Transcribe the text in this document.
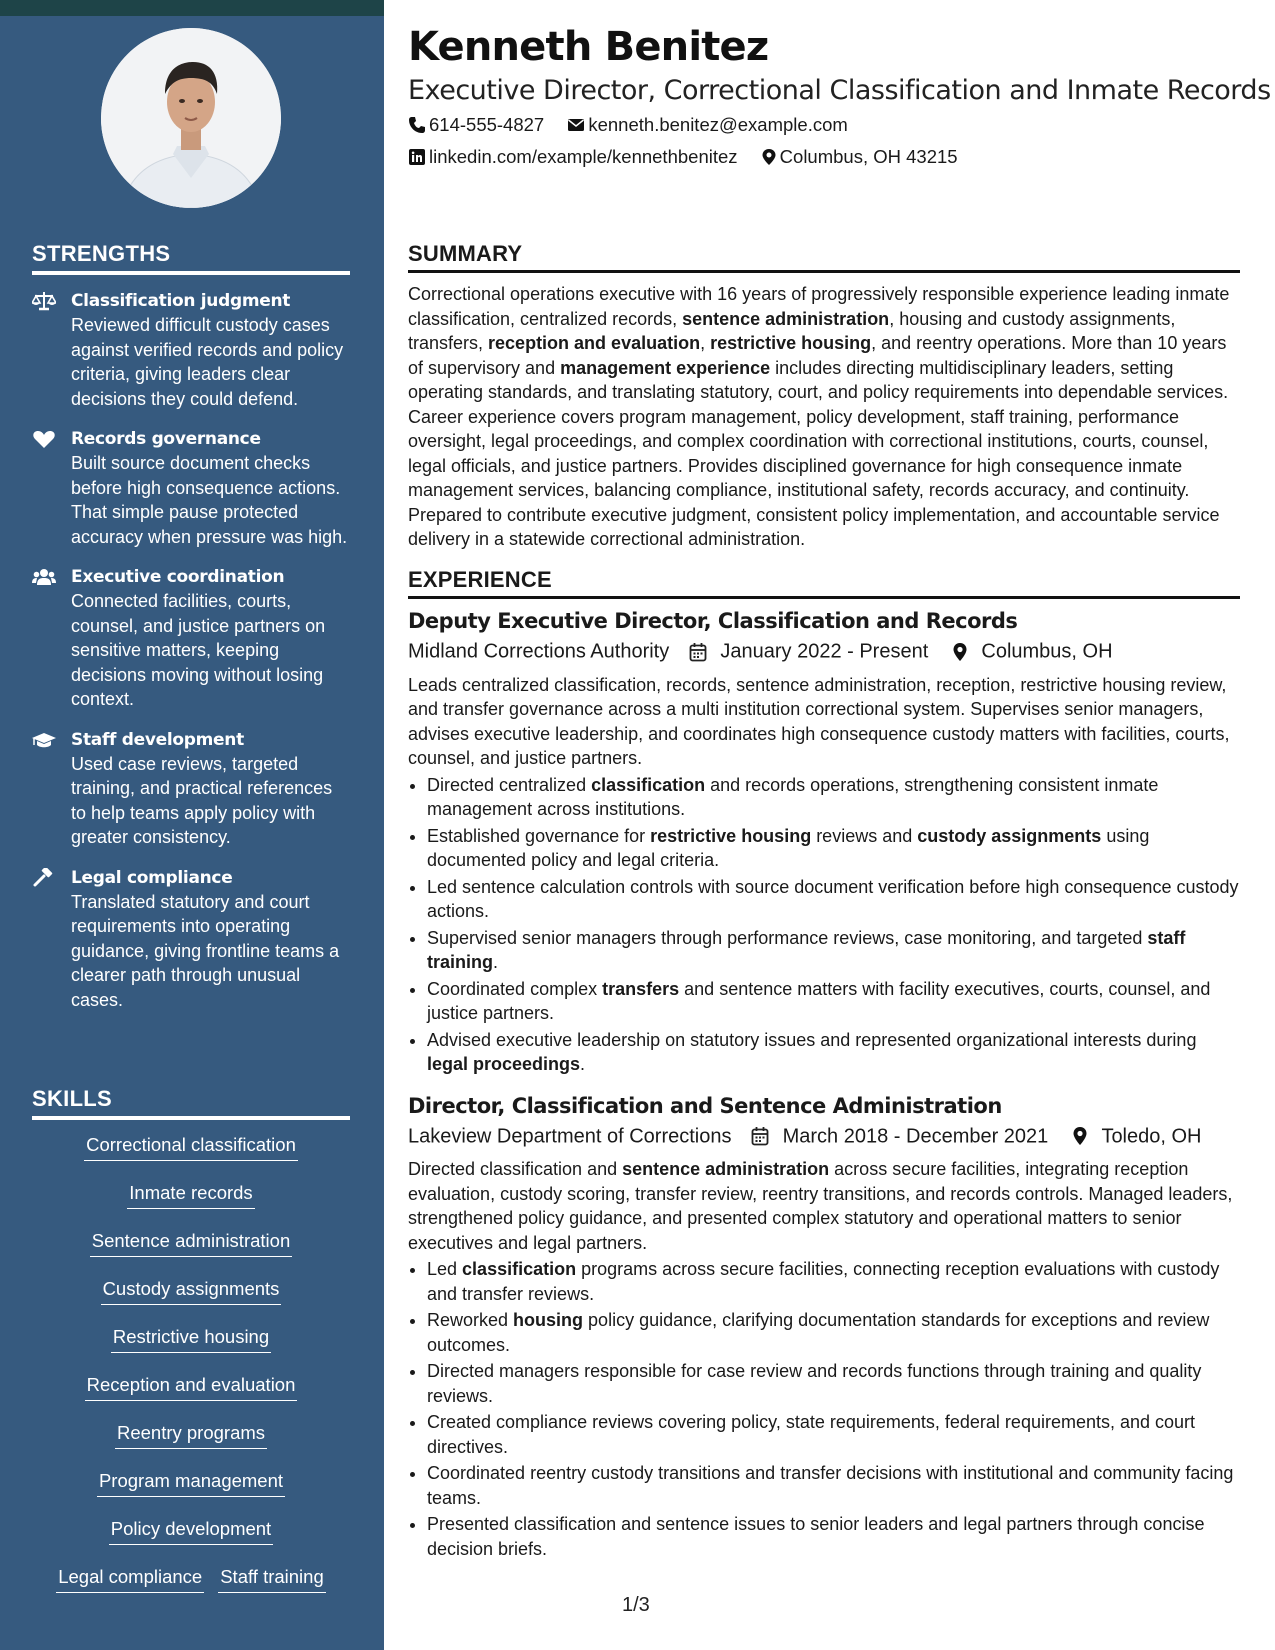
STRENGTHS
Classification judgment
Reviewed difficult custody cases against verified records and policy criteria, giving leaders clear decisions they could defend.
Records governance
Built source document checks before high consequence actions. That simple pause protected accuracy when pressure was high.
Executive coordination
Connected facilities, courts, counsel, and justice partners on sensitive matters, keeping decisions moving without losing context.
Staff development
Used case reviews, targeted training, and practical references to help teams apply policy with greater consistency.
Legal compliance
Translated statutory and court requirements into operating guidance, giving frontline teams a clearer path through unusual cases.
SKILLS
Correctional classification
Inmate records
Sentence administration
Custody assignments
Restrictive housing
Reception and evaluation
Reentry programs
Program management
Policy development
Legal compliance Staff training
Kenneth Benitez
Executive Director, Correctional Classification and Inmate Records
614-555-4827 kenneth.benitez@example.com
linkedin.com/example/kennethbenitez Columbus, OH 43215
SUMMARY
Correctional operations executive with 16 years of progressively responsible experience leading inmate classification, centralized records, sentence administration, housing and custody assignments, transfers, reception and evaluation, restrictive housing, and reentry operations. More than 10 years of supervisory and management experience includes directing multidisciplinary leaders, setting operating standards, and translating statutory, court, and policy requirements into dependable services. Career experience covers program management, policy development, staff training, performance oversight, legal proceedings, and complex coordination with correctional institutions, courts, counsel, legal officials, and justice partners. Provides disciplined governance for high consequence inmate management services, balancing compliance, institutional safety, records accuracy, and continuity. Prepared to contribute executive judgment, consistent policy implementation, and accountable service delivery in a statewide correctional administration.
EXPERIENCE
Deputy Executive Director, Classification and Records
Midland Corrections Authority	January 2022 - Present	Columbus, OH
Leads centralized classification, records, sentence administration, reception, restrictive housing review, and transfer governance across a multi institution correctional system. Supervises senior managers, advises executive leadership, and coordinates high consequence custody matters with facilities, courts, counsel, and justice partners.
• Directed centralized classification and records operations, strengthening consistent inmate management across institutions.
• Established governance for restrictive housing reviews and custody assignments using documented policy and legal criteria.
• Led sentence calculation controls with source document verification before high consequence custody actions.
• Supervised senior managers through performance reviews, case monitoring, and targeted staff training.
• Coordinated complex transfers and sentence matters with facility executives, courts, counsel, and justice partners.
• Advised executive leadership on statutory issues and represented organizational interests during legal proceedings.
Director, Classification and Sentence Administration
Lakeview Department of Corrections	March 2018 - December 2021	Toledo, OH
Directed classification and sentence administration across secure facilities, integrating reception evaluation, custody scoring, transfer review, reentry transitions, and records controls. Managed leaders, strengthened policy guidance, and presented complex statutory and operational matters to senior executives and legal partners.
• Led classification programs across secure facilities, connecting reception evaluations with custody and transfer reviews.
• Reworked housing policy guidance, clarifying documentation standards for exceptions and review outcomes.
• Directed managers responsible for case review and records functions through training and quality reviews.
• Created compliance reviews covering policy, state requirements, federal requirements, and court directives.
• Coordinated reentry custody transitions and transfer decisions with institutional and community facing teams.
• Presented classification and sentence issues to senior leaders and legal partners through concise decision briefs.
1/3
